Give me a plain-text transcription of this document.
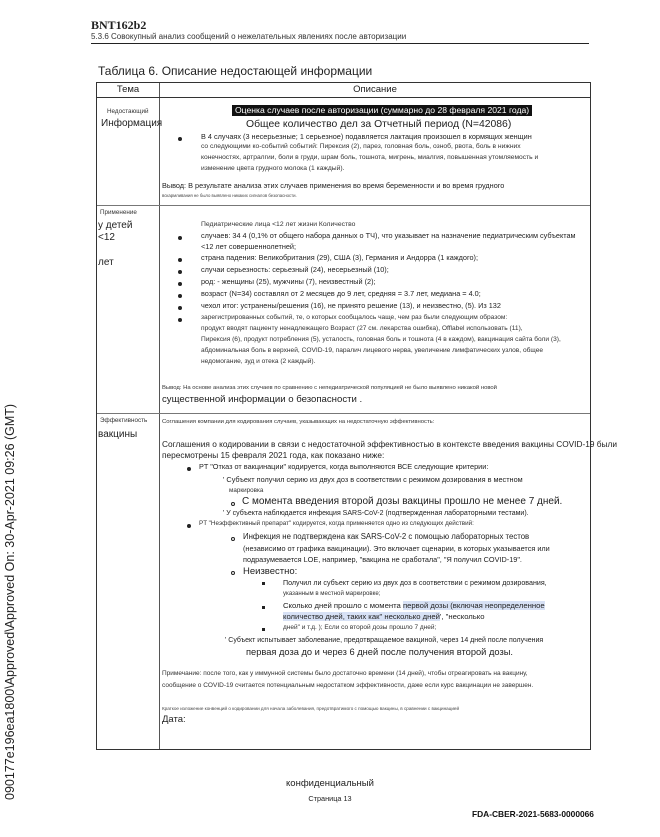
090177e196ea1800\Approved\Approved On: 30-Apr-2021 09:26 (GMT)
BNT162b2
5.3.6 Совокупный анализ сообщений о нежелательных явлениях после авторизации
Таблица 6. Описание недостающей информации
Тема	Описание
Недостающий
Информация
Оценка случаев после авторизации (суммарно до 28 февраля 2021 года)
Общее количество дел за Отчетный период (N=42086)
В 4 случаях (3 несерьезные; 1 серьезное) подавляется лактация произошел в кормящих женщин
со следующими ко-событий событий: Пирексия (2), парез, головная боль, озноб, рвота, боль в нижних
конечностях, артралгии, боли в груди, шрам боль, тошнота, мигрень, миалгия, повышенная утомляемость и
изменение цвета грудного молока (1 каждый).
Вывод: В результате анализа этих случаев применения во время беременности и во время грудного
вскармливания не было выявлено никаких сигналов безопасности.
Применение
у детей
<12
лет
Педиатрические лица <12 лет жизни Количество
случаев: 34 4 (0,1% от общего набора данных о ТЧ), что указывает на назначение педиатрическим субъектам
<12 лет совершеннолетней;
страна падения: Великобритания (29), США (3), Германия и Андорра (1 каждого);
случаи серьезность: серьезный (24), несерьезный (10);
род: - женщины (25), мужчины (7), неизвестный (2);
возраст (N=34) составлял от 2 месяцев до 9 лет, средняя = 3.7 лет, медиана = 4.0;
чехол итог: устранены/решения (16), не принято решение (13), и неизвестно, (5). Из 132
зарегистрированных событий, те, о которых сообщалось чаще, чем раз были следующим образом:
продукт вводят пациенту ненадлежащего Возраст (27 см. лекарства ошибка), Offlabel использовать (11),
Пирексия (6), продукт потребления (5), усталость, головная боль и тошнота (4 в каждом), вакцинация сайта боли (3),
абдоминальная боль в верхней, COVID-19, паралич лицевого нерва, увеличение лимфатических узлов, общее
недомогание, зуд и отека (2 каждый).
Вывод: На основе анализа этих случаев по сравнению с непедиатрической популяцией не было выявлено никакой новой
существенной информации о безопасности .
Эффективность
вакцины
Соглашения компании для кодирования случаев, указывающих на недостаточную эффективность:
Соглашения о кодировании в связи с недостаточной эффективностью в контексте введения вакцины COVID-19 были
пересмотрены 15 февраля 2021 года, как показано ниже:
PT "Отказ от вакцинации" кодируется, когда выполняются ВСЕ следующие критерии:
' Субъект получил серию из двух доз в соответствии с режимом дозирования в местном
маркировка
С момента введения второй дозы вакцины прошло не менее 7 дней.
' У субъекта наблюдается инфекция SARS-CoV-2 (подтвержденная лабораторными тестами).
PT "Неэффективный препарат" кодируется, когда применяется одно из следующих действий:
Инфекция не подтверждена как SARS-CoV-2 с помощью лабораторных тестов
(независимо от графика вакцинации). Это включает сценарии, в которых указывается или
подразумевается LOE, например, "вакцина не сработала", "Я получил COVID-19".
Неизвестно:
Получил ли субъект серию из двух доз в соответствии с режимом дозирования,
указанным в местной маркировке;
Сколько дней прошло с момента первой дозы (включая неопределенное
количество дней, таких как" несколько дней', "несколько
дней" и т.д. ); Если со второй дозы прошло 7 дней;
' Субъект испытывает заболевание, предотвращаемое вакциной, через 14 дней после получения
первая доза до и через 6 дней после получения второй дозы.
Примечание: после того, как у иммунной системы было достаточно времени (14 дней), чтобы отреагировать на вакцину,
сообщение о COVID-19 считается потенциальным недостатком эффективности, даже если курс вакцинации не завершен.
Краткое изложение конвенций о кодировании для начала заболевания, предотвратимого с помощью вакцины, в сравнении с вакцинацией
Дата:
конфиденциальный
Страница 13
FDA-CBER-2021-5683-0000066
